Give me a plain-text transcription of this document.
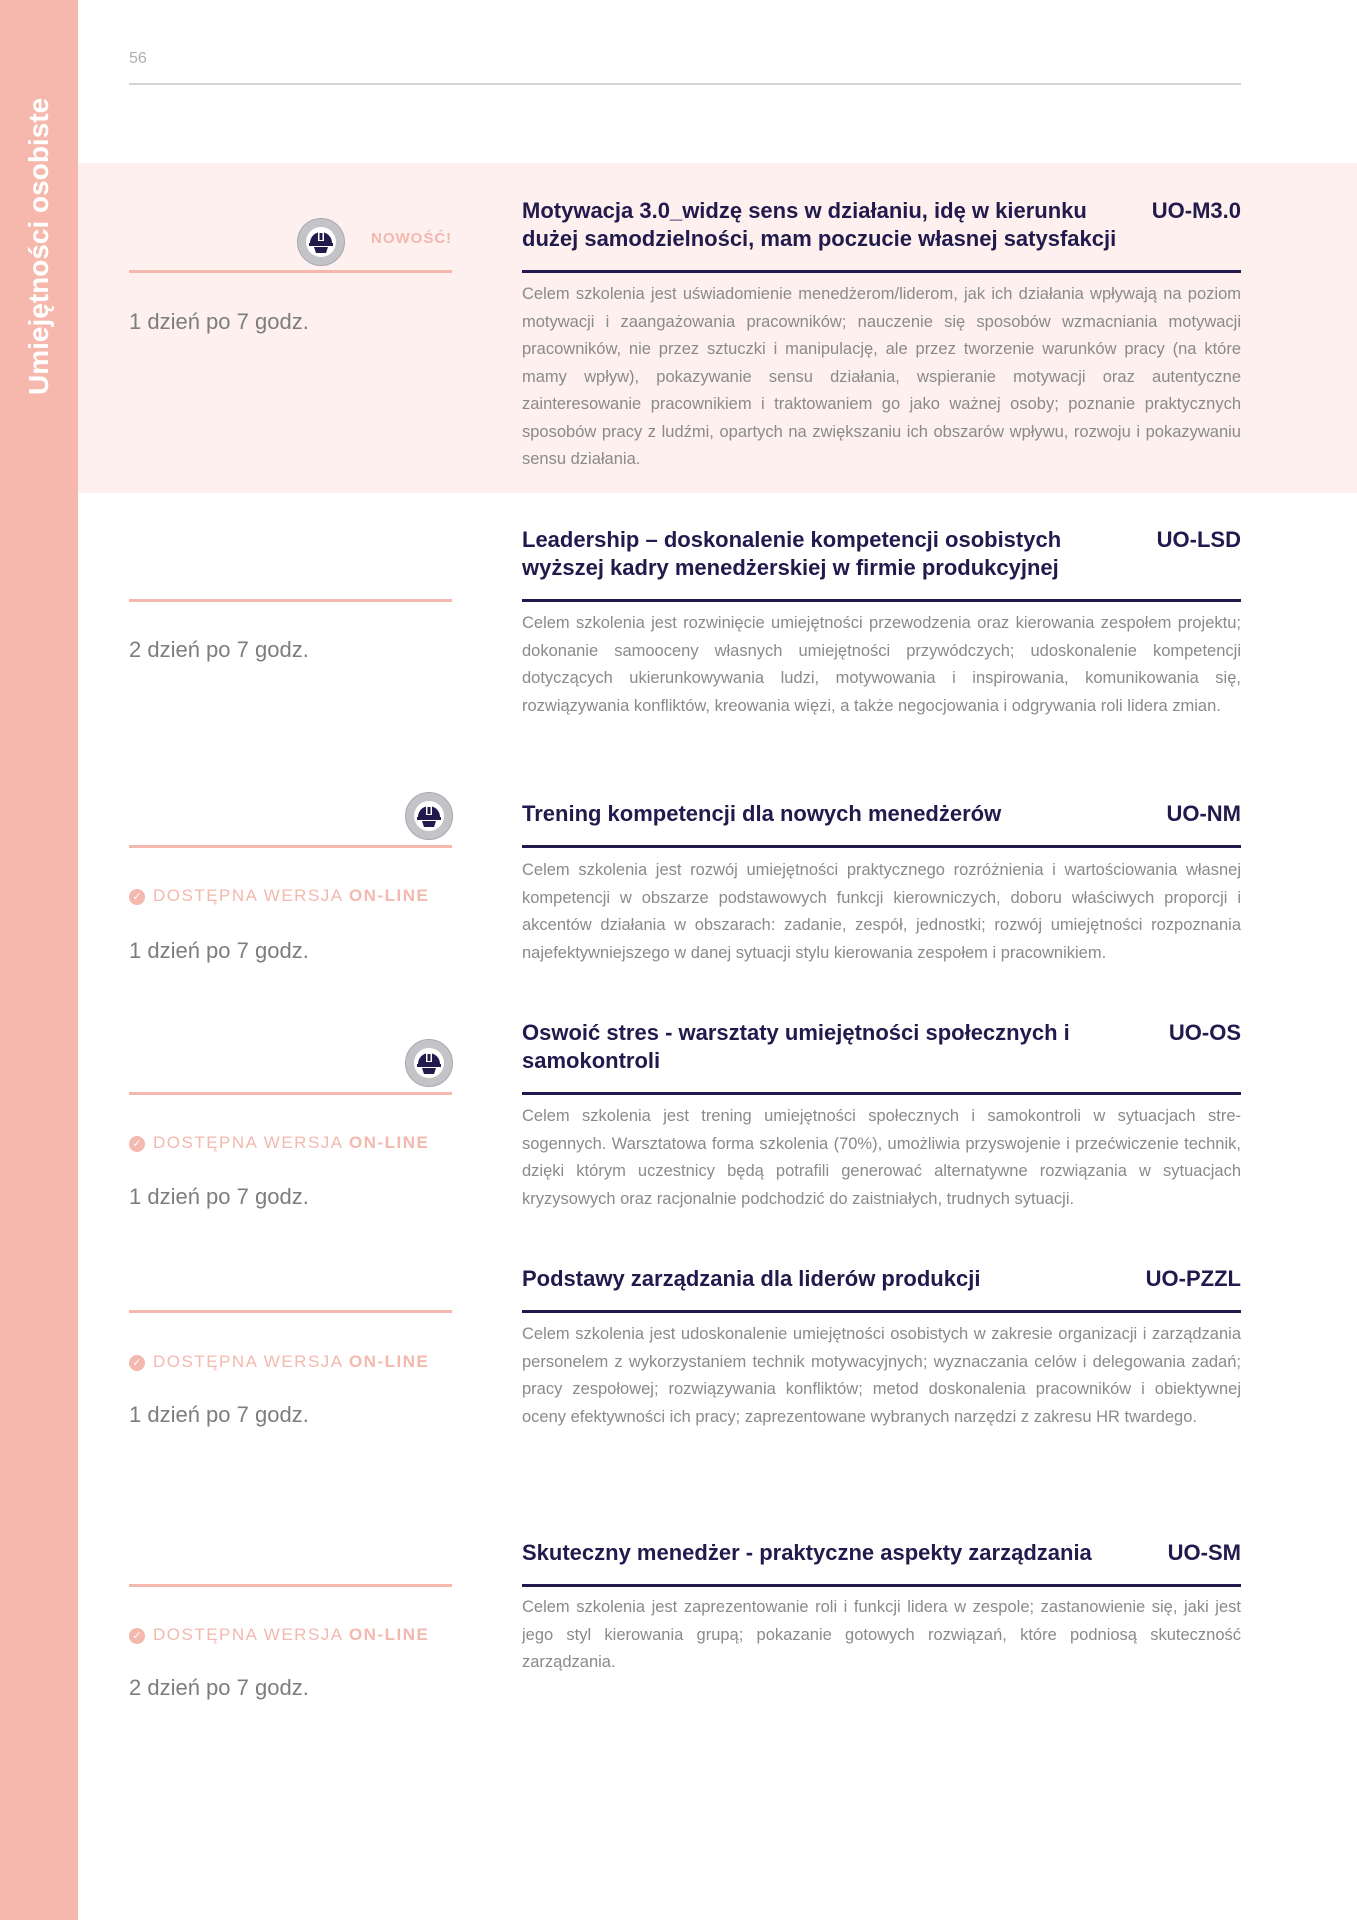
Umiejętności osobiste
56
NOWOŚĆ!
1 dzień po 7 godz.
Motywacja 3.0_widzę sens w działaniu, idę w kierunku dużej samodzielności, mam poczucie własnej satysfakcji
UO-M3.0

Celem szkolenia jest uświadomienie menedżerom/liderom, jak ich działania wpływają na poziom motywacji i zaangażowania pracowników; nauczenie się sposobów wzmacniania motywacji pracowników, nie przez sztuczki i manipulację, ale przez tworzenie warunków pracy (na które mamy wpływ), pokazywanie sensu działania, wspieranie motywacji oraz autentyczne zainteresowanie pracownikiem i traktowaniem go jako ważnej osoby; poznanie praktycznych sposobów pracy z ludźmi, opartych na zwiększaniu ich obszarów wpływu, rozwoju i pokazywaniu sensu działania.

2 dzień po 7 godz.
Leadership – doskonalenie kompetencji osobistych wyższej kadry menedżerskiej w firmie produkcyjnej
UO-LSD

Celem szkolenia jest rozwinięcie umiejętności przewodzenia oraz kierowania zespołem projektu; dokonanie samooceny własnych umiejętności przywódczych; udoskonalenie kompetencji dotyczących ukierunkowywania ludzi, motywowania i inspirowania, komunikowania się, rozwiązywania konfliktów, kreowania więzi, a także negocjowania i odgrywania roli lidera zmian.

✓ DOSTĘPNA WERSJA ON-LINE
1 dzień po 7 godz.
Trening kompetencji dla nowych menedżerów	UO-NM

Celem szkolenia jest rozwój umiejętności praktycznego rozróżnienia i wartościowania własnej kompetencji w obszarze podstawowych funkcji kierowniczych, doboru właściwych proporcji i akcentów działania w obszarach: zadanie, zespół, jednostki; rozwój umiejętności rozpoznania najefektywniejszego w danej sytuacji stylu kierowania zespołem i pracownikiem.

✓ DOSTĘPNA WERSJA ON-LINE
1 dzień po 7 godz.
Oswoić stres - warsztaty umiejętności społecznych i samokontroli
UO-OS

Celem szkolenia jest trening umiejętności społecznych i samokontroli w sytuacjach stresogennych. Warsztatowa forma szkolenia (70%), umożliwia przyswojenie i przećwiczenie technik, dzięki którym uczestnicy będą potrafili generować alternatywne rozwiązania w sytuacjach kryzysowych oraz racjonalnie podchodzić do zaistniałych, trudnych sytuacji.

✓ DOSTĘPNA WERSJA ON-LINE
1 dzień po 7 godz.
Podstawy zarządzania dla liderów produkcji	UO-PZZL

Celem szkolenia jest udoskonalenie umiejętności osobistych w zakresie organizacji i zarządzania personelem z wykorzystaniem technik motywacyjnych; wyznaczania celów i delegowania zadań; pracy zespołowej; rozwiązywania konfliktów; metod doskonalenia pracowników i obiektywnej oceny efektywności ich pracy; zaprezentowane wybranych narzędzi z zakresu HR twardego.

✓ DOSTĘPNA WERSJA ON-LINE
2 dzień po 7 godz.
Skuteczny menedżer - praktyczne aspekty zarządzania	UO-SM

Celem szkolenia jest zaprezentowanie roli i funkcji lidera w zespole; zastanowienie się, jaki jest jego styl kierowania grupą; pokazanie gotowych rozwiązań, które podniosą skuteczność zarządzania.
